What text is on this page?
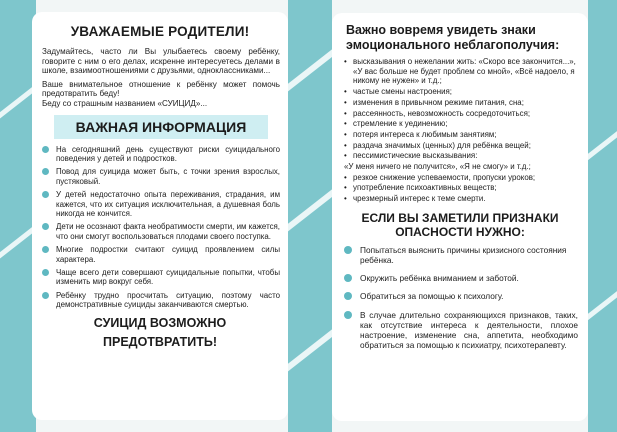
УВАЖАЕМЫЕ РОДИТЕЛИ!

Задумайтесь, часто ли Вы улыбаетесь своему ребёнку, говорите с ним о его делах, искренне интересуетесь делами в школе, взаимоотношениями с друзьями, одноклассниками...

Ваше внимательное отношение к ребёнку может помочь предотвратить беду!

Беду со страшным названием «СУИЦИД»...

ВАЖНАЯ ИНФОРМАЦИЯ
На сегодняшний день существуют риски суицидального поведения у детей и подростков.
Повод для суицида может быть, с точки зрения взрослых, пустяковый.
У детей недостаточно опыта переживания, страдания, им кажется, что их ситуация исключительная, а душевная боль никогда не кончится.
Дети не осознают факта необратимости смерти, им кажется, что они смогут воспользоваться плодами своего поступка.
Многие подростки считают суицид проявлением силы характера.
Чаще всего дети совершают суицидальные попытки, чтобы изменить мир вокруг себя.
Ребёнку трудно просчитать ситуацию, поэтому часто демонстративные суициды заканчиваются смертью.
СУИЦИД ВОЗМОЖНО
ПРЕДОТВРАТИТЬ!
Важно вовремя увидеть знаки эмоционального неблагополучия:
• высказывания о нежелании жить: «Скоро все закончится...», «У вас больше не будет проблем со мной», «Всё надоело, я никому не нужен» и т.д.;
• частые смены настроения;
• изменения в привычном режиме питания, сна;
• рассеянность, невозможность сосредоточиться;
• стремление к уединению;
• потеря интереса к любимым занятиям;
• раздача значимых (ценных) для ребёнка вещей;
• пессимистические высказывания:
«У меня ничего не получится», «Я не смогу» и т.д.;
• резкое снижение успеваемости, пропуски уроков;
• употребление психоактивных веществ;
• чрезмерный интерес к теме смерти.
ЕСЛИ ВЫ ЗАМЕТИЛИ ПРИЗНАКИ
ОПАСНОСТИ НУЖНО:
Попытаться выяснить причины кризисного состояния ребёнка.
Окружить ребёнка вниманием и заботой.
Обратиться за помощью к психологу.
В случае длительно сохраняющихся признаков, таких, как отсутствие интереса к деятельности, плохое настроение, изменение сна, аппетита, необходимо обратиться за помощью к психиатру, психотерапевту.
